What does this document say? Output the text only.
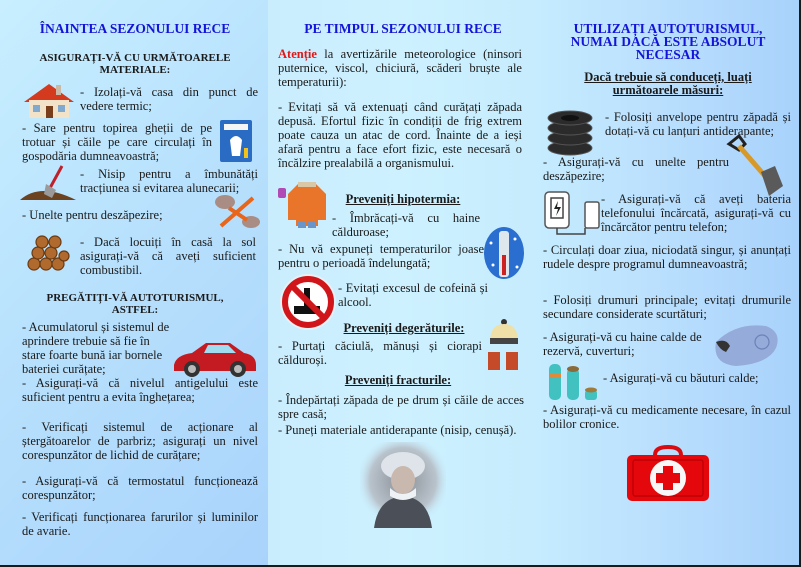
ÎNAINTEA SEZONULUI RECE
ASIGURAȚI-VĂ CU URMĂTOARELE MATERIALE:
- Izolați-vă casa din punct de vedere termic;
- Sare pentru topirea gheții de pe trotuar și căile pe care circulați în gospodăria dumneavoastră;
- Nisip pentru a îmbunătăți tracțiunea si evitarea alunecarii;
- Unelte pentru deszăpezire;
- Dacă locuiți în casă la sol asigurați-vă că aveți suficient combustibil.
PREGĂTIȚI-VĂ AUTOTURISMUL, ASTFEL:
- Acumulatorul și sistemul de aprindere trebuie să fie în stare foarte bună iar bornele bateriei curățate;
- Asigurați-vă că nivelul antigelului este suficient pentru a evita înghețarea;
- Verificați sistemul de acționare al ștergătoarelor de parbriz; asigurați un nivel corespunzător de lichid de curățare;
- Asigurați-vă că termostatul funcționează corespunzător;
- Verificați funcționarea farurilor și luminilor de avarie.
PE TIMPUL SEZONULUI RECE
Atenție la avertizările meteorologice (ninsori puternice, viscol, chiciură, scăderi bruște ale temperaturii):
- Evitați să vă extenuați când curățați zăpada depusă. Efortul fizic în condiții de frig extrem poate cauza un atac de cord. Înainte de a ieși afară pentru a face efort fizic, este necesară o încălzire prealabilă a organismului.
Preveniți hipotermia:
- Îmbrăcați-vă cu haine călduroase;
- Nu vă expuneți temperaturilor joase pentru o perioadă îndelungată;
- Evitați excesul de cofeină și alcool.
Preveniți degerăturile:
- Purtați căciulă, mănuși și ciorapi călduroși.
Preveniți fracturile:
- Îndepărtați zăpada de pe drum și căile de acces spre casă;
- Puneți materiale antiderapante (nisip, cenușă).
UTILIZAȚI AUTOTURISMUL, NUMAI DACĂ ESTE ABSOLUT NECESAR
Dacă trebuie să conduceți, luați următoarele măsuri:
- Folosiți anvelope pentru zăpadă și dotați-vă cu lanțuri antiderapante;
- Asigurați-vă cu unelte pentru deszăpezire;
- Asigurați-vă că aveți bateria telefonului încărcată, asigurați-vă cu încărcător pentru telefon;
- Circulați doar ziua, niciodată singur, și anunțați rudele despre programul dumneavoastră;
- Folosiți drumuri principale; evitați drumurile secundare considerate scurtături;
- Asigurați-vă cu haine calde de rezervă, cuverturi;
- Asigurați-vă cu băuturi calde;
- Asigurați-vă cu medicamente necesare, în cazul bolilor cronice.
